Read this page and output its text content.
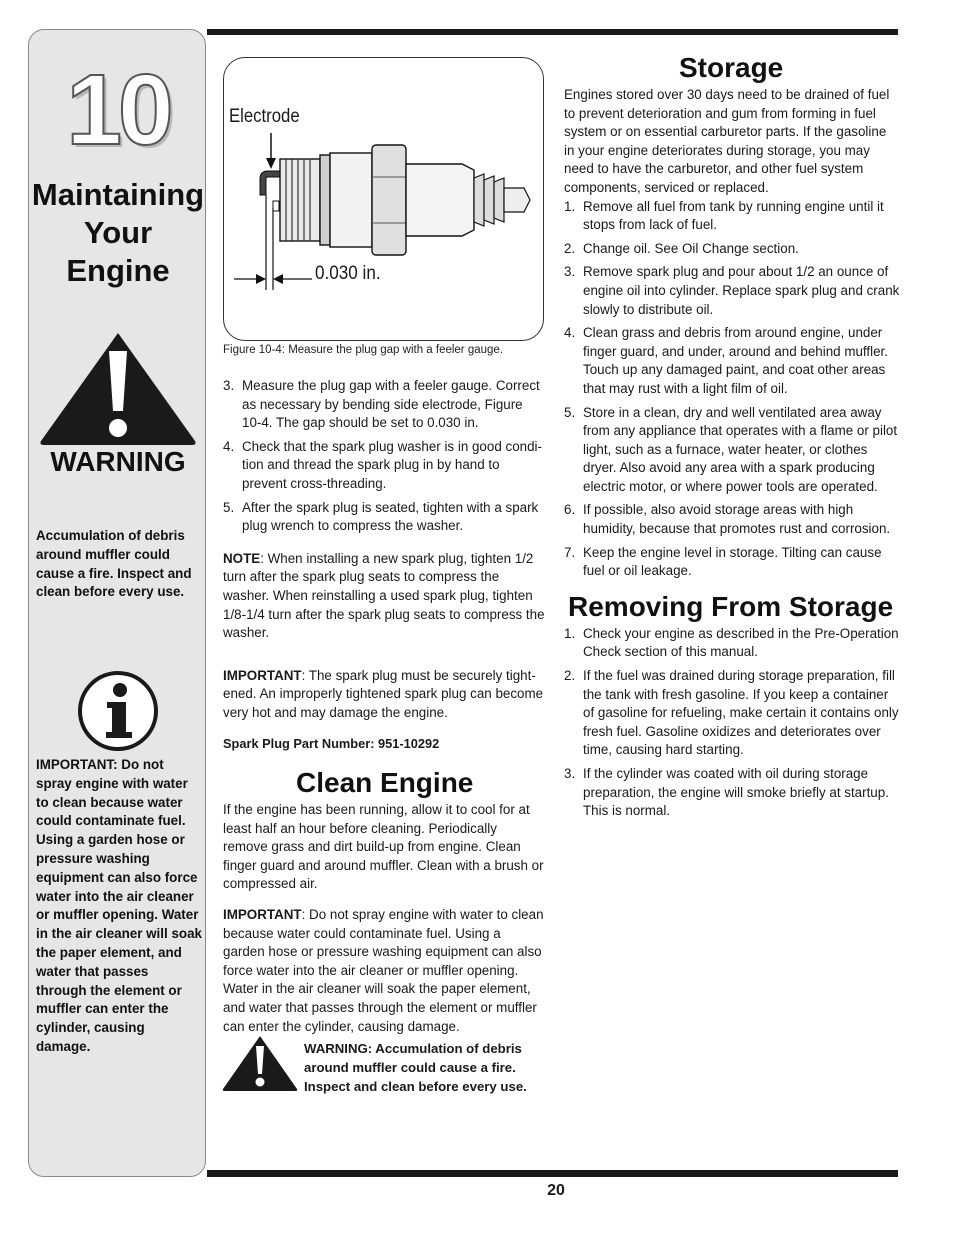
10
Maintaining
Your
Engine
WARNING
Accumulation of debris around muffler could cause a fire. Inspect and clean before every use.
IMPORTANT: Do not spray engine with water to clean because water could contaminate fuel. Using a garden hose or pressure washing equipment can also force water into the air cleaner or muffler opening. Water in the air cleaner will soak the paper element, and water that passes through the element or muffler can enter the cylinder, causing damage.
Electrode
0.030 in.
Figure 10-4: Measure the plug gap with a feeler gauge.
3. Measure the plug gap with a feeler gauge. Correct as necessary by bending side electrode, Figure 10-4. The gap should be set to 0.030 in.
4. Check that the spark plug washer is in good condi-tion and thread the spark plug in by hand to prevent cross-threading.
5. After the spark plug is seated, tighten with a spark plug wrench to compress the washer.

NOTE: When installing a new spark plug, tighten 1/2 turn after the spark plug seats to compress the washer. When reinstalling a used spark plug, tighten 1/8-1/4 turn after the spark plug seats to compress the washer.

IMPORTANT: The spark plug must be securely tight-ened. An improperly tightened spark plug can become very hot and may damage the engine.

Spark Plug Part Number: 951-10292

Clean Engine

If the engine has been running, allow it to cool for at least half an hour before cleaning. Periodically remove grass and dirt build-up from engine. Clean finger guard and around muffler. Clean with a brush or compressed air.

IMPORTANT: Do not spray engine with water to clean because water could contaminate fuel. Using a garden hose or pressure washing equipment can also force water into the air cleaner or muffler opening. Water in the air cleaner will soak the paper element, and water that passes through the element or muffler can enter the cylinder, causing damage.

WARNING: Accumulation of debris around muffler could cause a fire. Inspect and clean before every use.
Storage

Engines stored over 30 days need to be drained of fuel to prevent deterioration and gum from forming in fuel system or on essential carburetor parts. If the gasoline in your engine deteriorates during storage, you may need to have the carburetor, and other fuel system components, serviced or replaced.

1. Remove all fuel from tank by running engine until it stops from lack of fuel.
2. Change oil. See Oil Change section.
3. Remove spark plug and pour about 1/2 an ounce of engine oil into cylinder. Replace spark plug and crank slowly to distribute oil.
4. Clean grass and debris from around engine, under finger guard, and under, around and behind muffler. Touch up any damaged paint, and coat other areas that may rust with a light film of oil.
5. Store in a clean, dry and well ventilated area away from any appliance that operates with a flame or pilot light, such as a furnace, water heater, or clothes dryer. Also avoid any area with a spark producing electric motor, or where power tools are operated.
6. If possible, also avoid storage areas with high humidity, because that promotes rust and corrosion.
7. Keep the engine level in storage. Tilting can cause fuel or oil leakage.
Removing From Storage
1. Check your engine as described in the Pre-Operation Check section of this manual.
2. If the fuel was drained during storage preparation, fill the tank with fresh gasoline. If you keep a container of gasoline for refueling, make certain it contains only fresh fuel. Gasoline oxidizes and deteriorates over time, causing hard starting.
3. If the cylinder was coated with oil during storage preparation, the engine will smoke briefly at startup. This is normal.
20
